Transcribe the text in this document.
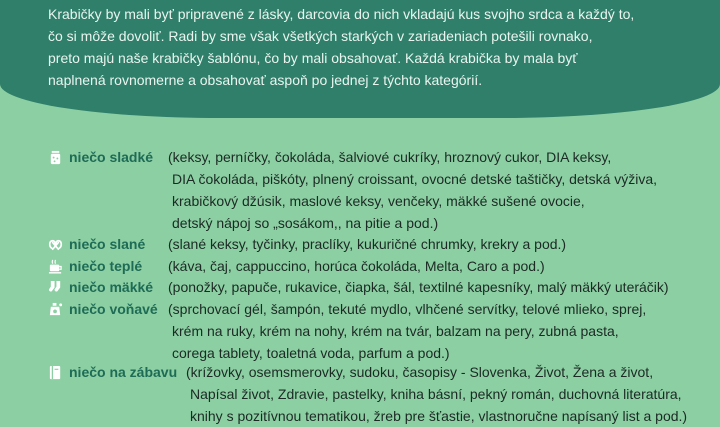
Krabičky by mali byť pripravené z lásky, darcovia do nich vkladajú kus svojho srdca a každý to,
čo si môže dovoliť. Radi by sme však všetkých starkých v zariadeniach potešili rovnako,
preto majú naše krabičky šablónu, čo by mali obsahovať. Každá krabička by mala byť
naplnená rovnomerne a obsahovať aspoň po jednej z týchto kategórií.
niečo sladké (keksy, perníčky, čokoláda, šalviové cukríky, hroznový cukor, DIA keksy,
DIA čokoláda, piškóty, plnený croissant, ovocné detské taštičky, detská výživa,
krabičkový džúsik, maslové keksy, venčeky, mäkké sušené ovocie,
detský nápoj so „sosákom,, na pitie a pod.)
niečo slané (slané keksy, tyčinky, praclíky, kukuričné chrumky, krekry a pod.)
niečo teplé (káva, čaj, cappuccino, horúca čokoláda, Melta, Caro a pod.)
niečo mäkké (ponožky, papuče, rukavice, čiapka, šál, textilné kapesníky, malý mäkký uteráčik)
niečo voňavé (sprchovací gél, šampón, tekuté mydlo, vlhčené servítky, telové mlieko, sprej,
krém na ruky, krém na nohy, krém na tvár, balzam na pery, zubná pasta,
corega tablety, toaletná voda, parfum a pod.)
niečo na zábavu (krížovky, osemsmerovky, sudoku, časopisy - Slovenka, Život, Žena a život,
Napísal život, Zdravie, pastelky, kniha básní, pekný román, duchovná literatúra,
knihy s pozitívnou tematikou, žreb pre šťastie, vlastnoručne napísaný list a pod.)
